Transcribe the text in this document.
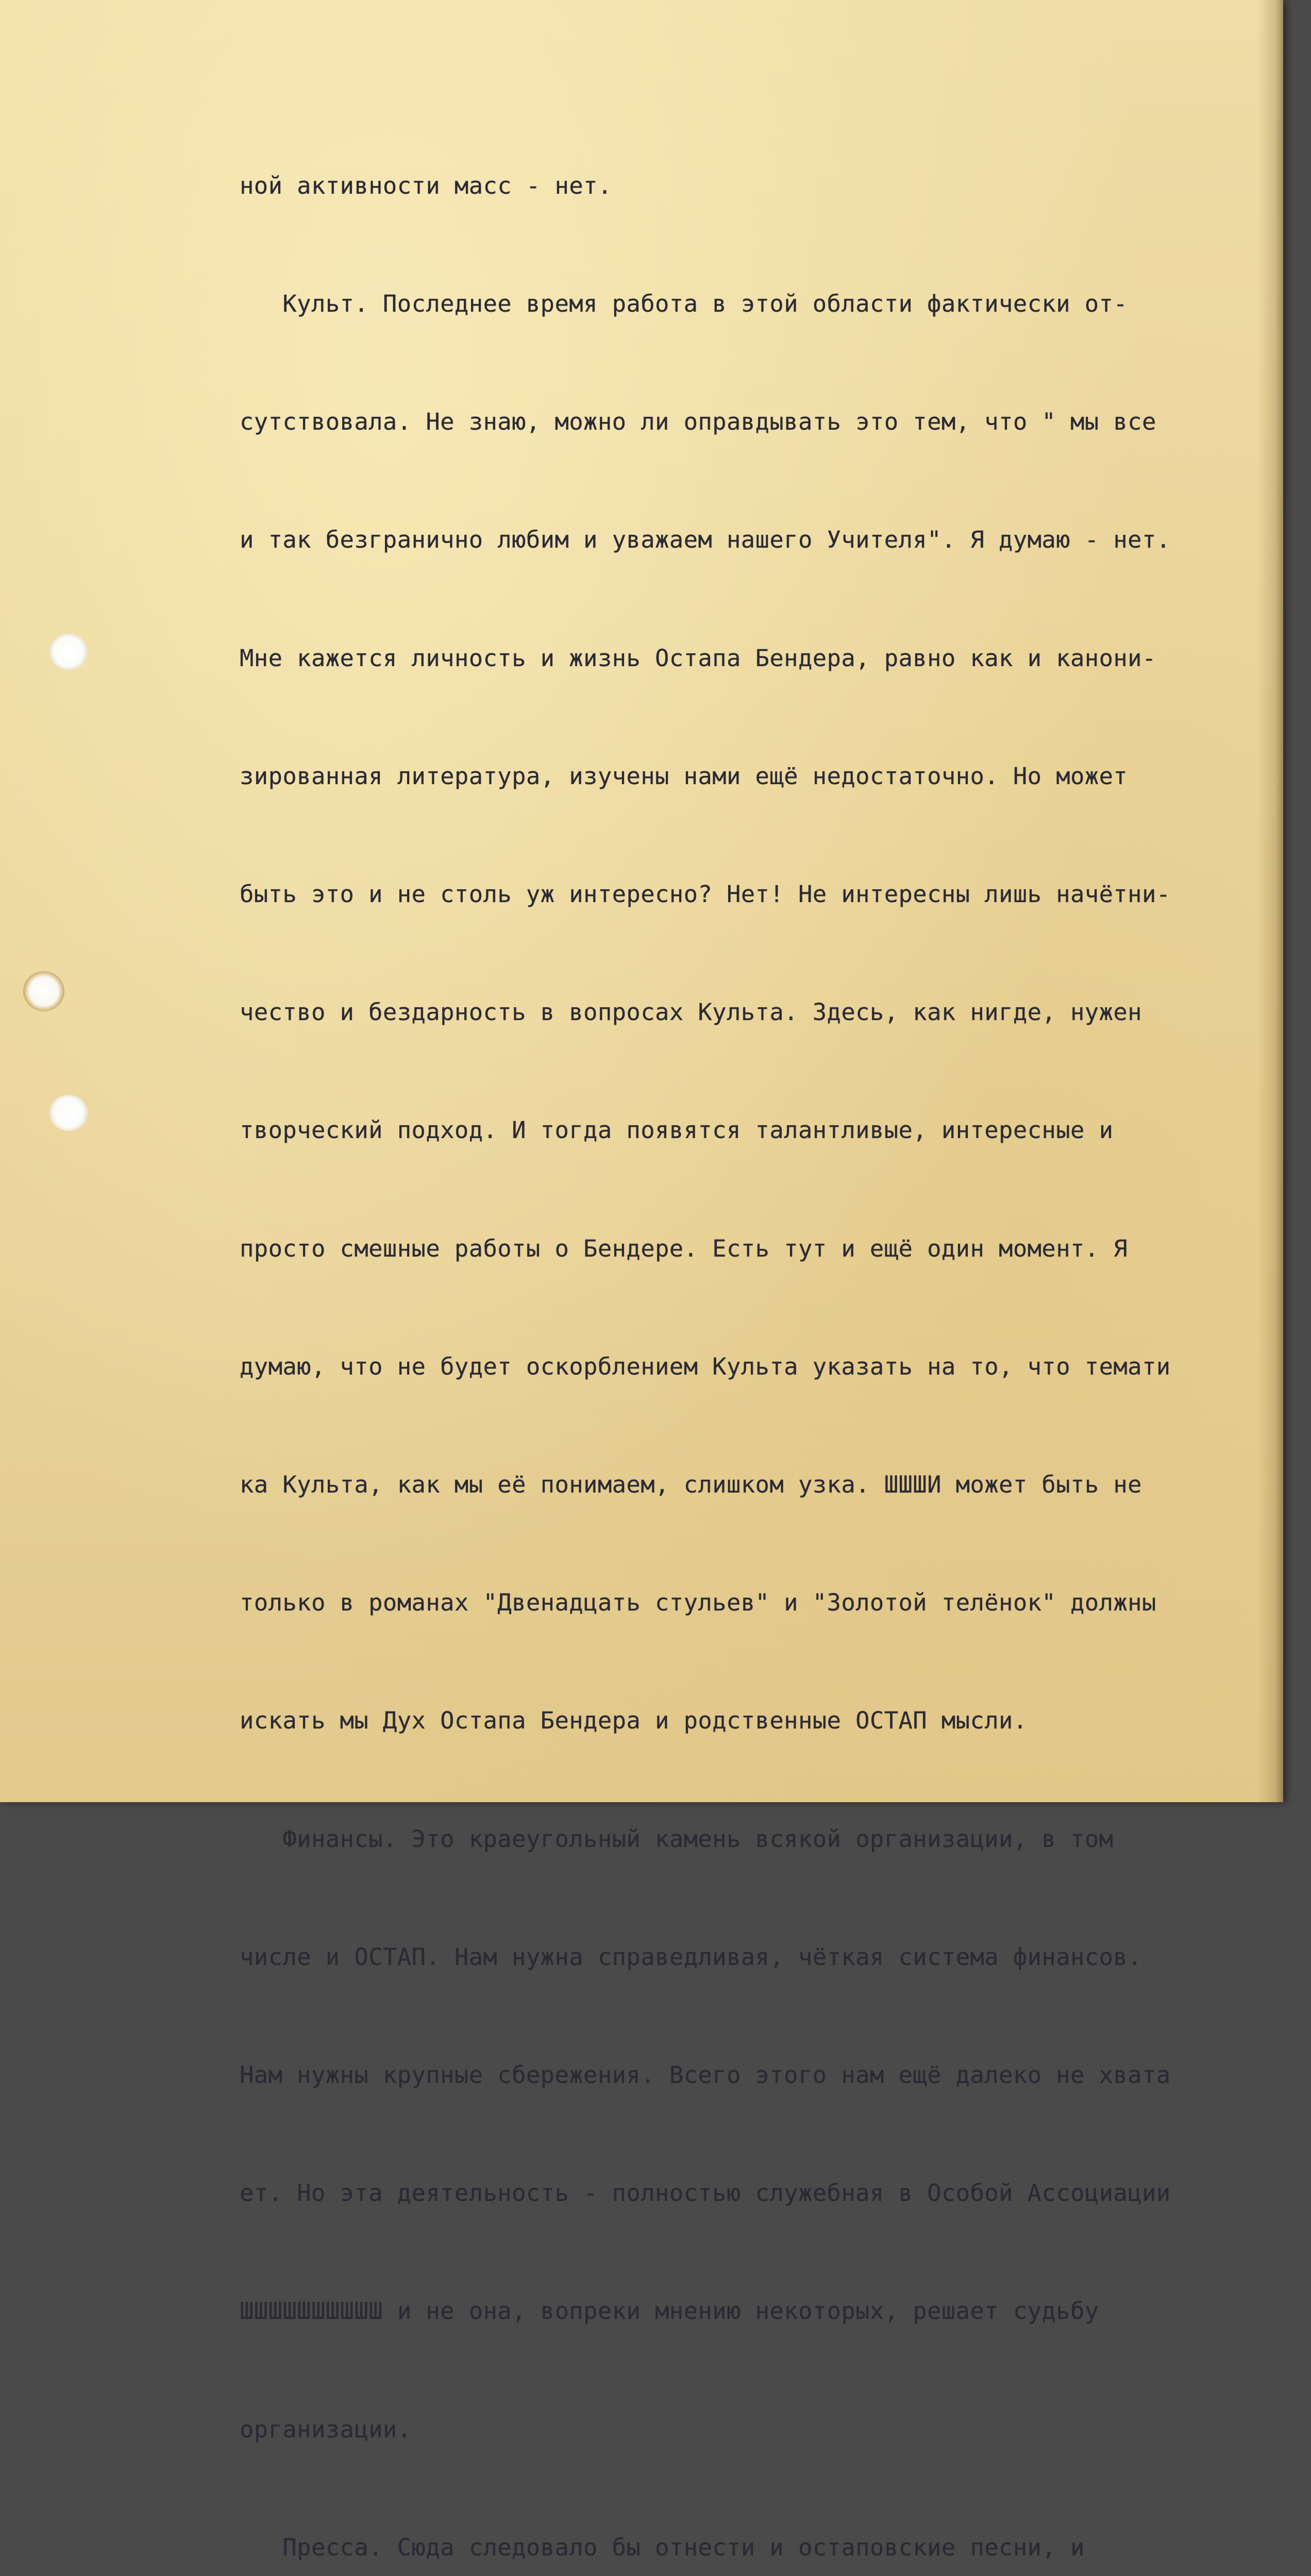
ной активности масс - нет.

Культ. Последнее время работа в этой области фактически от-

сутствовала. Не знаю, можно ли оправдывать это тем, что " мы все

и так безгранично любим и уважаем нашего Учителя". Я думаю - нет.

Мне кажется личность и жизнь Остапа Бендера, равно как и канони-

зированная литература, изучены нами ещё недостаточно. Но может

быть это и не столь уж интересно? Нет! Не интересны лишь начётни-

чество и бездарность в вопросах Культа. Здесь, как нигде, нужен

творческий подход. И тогда появятся талантливые, интересные и

просто смешные работы о Бендере. Есть тут и ещё один момент. Я

думаю, что не будет оскорблением Культа указать на то, что темати

ка Культа, как мы её понимаем, слишком узка. ШШШИ может быть не

только в романах "Двенадцать стульев" и "Золотой телёнок" должны

искать мы Дух Остапа Бендера и родственные ОСТАП мысли.

Финансы. Это краеугольный камень всякой организации, в том

числе и ОСТАП. Нам нужна справедливая, чёткая система финансов.

Нам нужны крупные сбережения. Всего этого нам ещё далеко не хвата

ет. Но эта деятельность - полностью служебная в Особой Ассоциации

ШШШШШШШШШШ и не она, вопреки мнению некоторых, решает судьбу

организации.

Пресса. Сюда следовало бы отнести и остаповские песни, и
